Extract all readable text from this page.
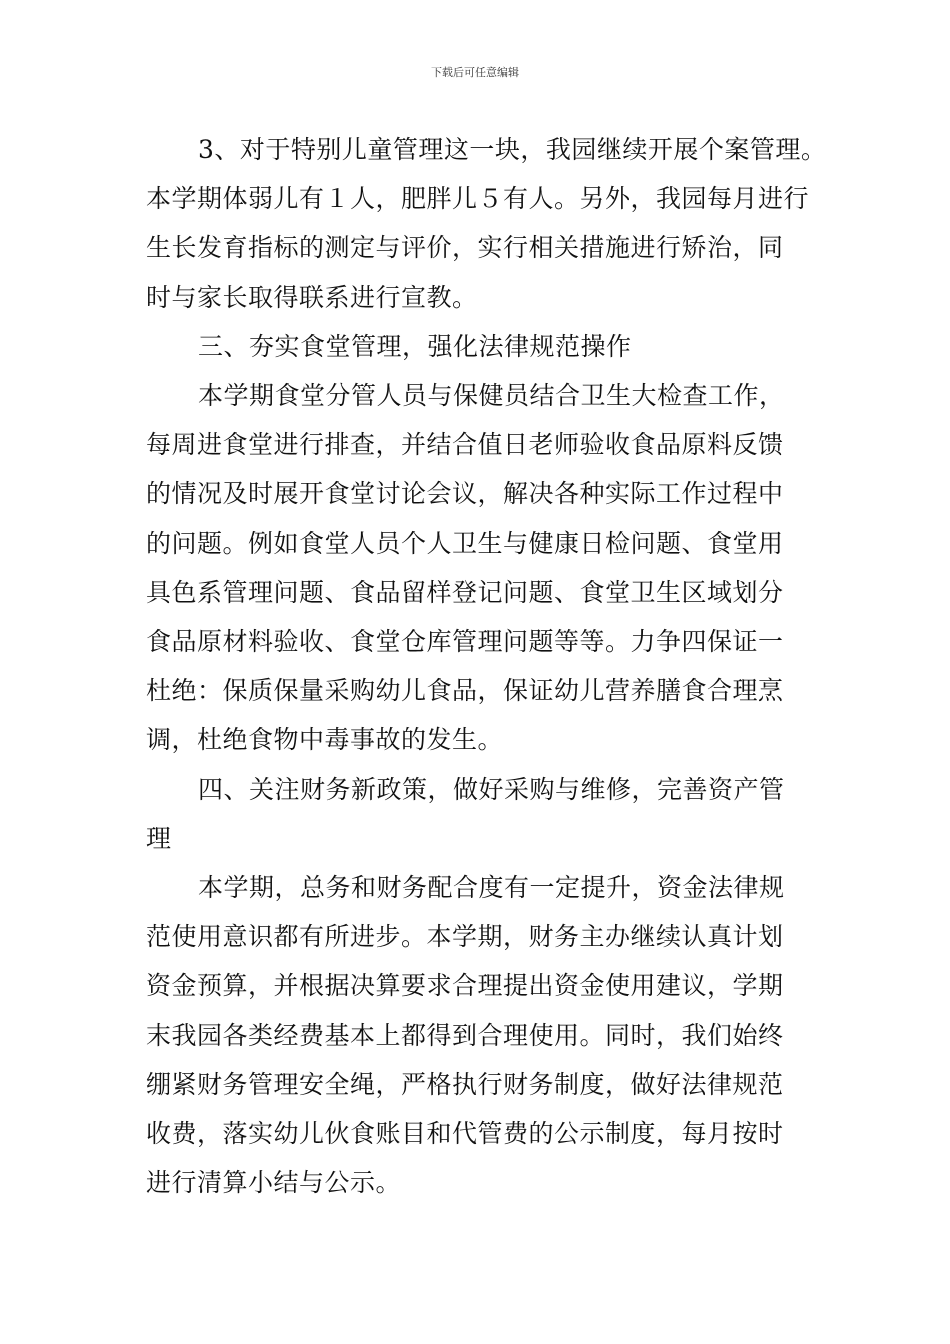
下载后可任意编辑

3、对于特别儿童管理这一块，我园继续开展个案管理。
本学期体弱儿有１人，肥胖儿５有人。另外，我园每月进行
生长发育指标的测定与评价，实行相关措施进行矫治，同
时与家长取得联系进行宣教。

三、夯实食堂管理，强化法律规范操作

本学期食堂分管人员与保健员结合卫生大检查工作，
每周进食堂进行排查，并结合值日老师验收食品原料反馈
的情况及时展开食堂讨论会议，解决各种实际工作过程中
的问题。例如食堂人员个人卫生与健康日检问题、食堂用
具色系管理问题、食品留样登记问题、食堂卫生区域划分
食品原材料验收、食堂仓库管理问题等等。力争四保证一
杜绝：保质保量采购幼儿食品，保证幼儿营养膳食合理烹
调，杜绝食物中毒事故的发生。

四、关注财务新政策，做好采购与维修，完善资产管
理

本学期，总务和财务配合度有一定提升，资金法律规
范使用意识都有所进步。本学期，财务主办继续认真计划
资金预算，并根据决算要求合理提出资金使用建议，学期
末我园各类经费基本上都得到合理使用。同时，我们始终
绷紧财务管理安全绳，严格执行财务制度，做好法律规范
收费，落实幼儿伙食账目和代管费的公示制度，每月按时
进行清算小结与公示。
